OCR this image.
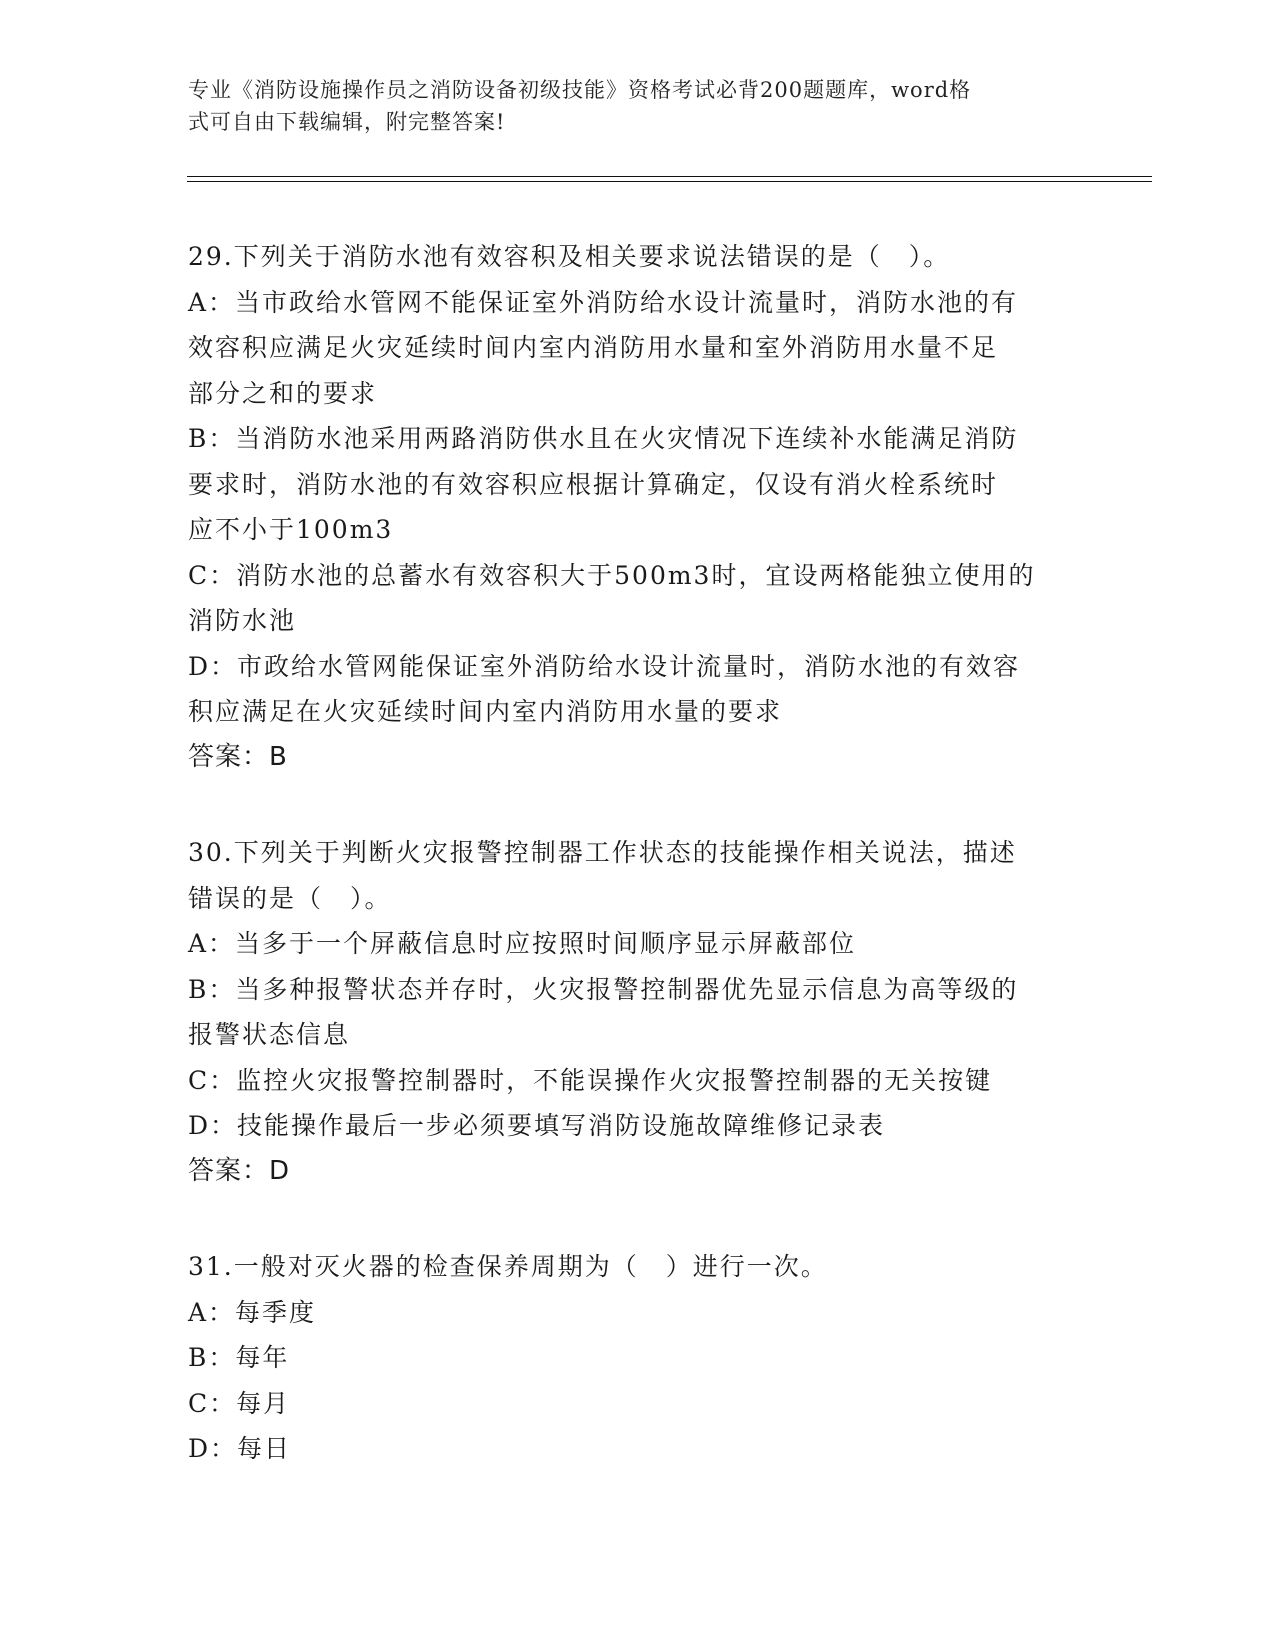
专业《消防设施操作员之消防设备初级技能》资格考试必背200题题库，word格
式可自由下载编辑，附完整答案!
29.下列关于消防水池有效容积及相关要求说法错误的是（　）。
A：当市政给水管网不能保证室外消防给水设计流量时，消防水池的有
效容积应满足火灾延续时间内室内消防用水量和室外消防用水量不足
部分之和的要求
B：当消防水池采用两路消防供水且在火灾情况下连续补水能满足消防
要求时，消防水池的有效容积应根据计算确定，仅设有消火栓系统时
应不小于100m3
C：消防水池的总蓄水有效容积大于500m3时，宜设两格能独立使用的
消防水池
D：市政给水管网能保证室外消防给水设计流量时，消防水池的有效容
积应满足在火灾延续时间内室内消防用水量的要求
答案：B
30.下列关于判断火灾报警控制器工作状态的技能操作相关说法，描述
错误的是（　）。
A：当多于一个屏蔽信息时应按照时间顺序显示屏蔽部位
B：当多种报警状态并存时，火灾报警控制器优先显示信息为高等级的
报警状态信息
C：监控火灾报警控制器时，不能误操作火灾报警控制器的无关按键
D：技能操作最后一步必须要填写消防设施故障维修记录表
答案：D
31.一般对灭火器的检查保养周期为（　）进行一次。
A：每季度
B：每年
C：每月
D：每日
